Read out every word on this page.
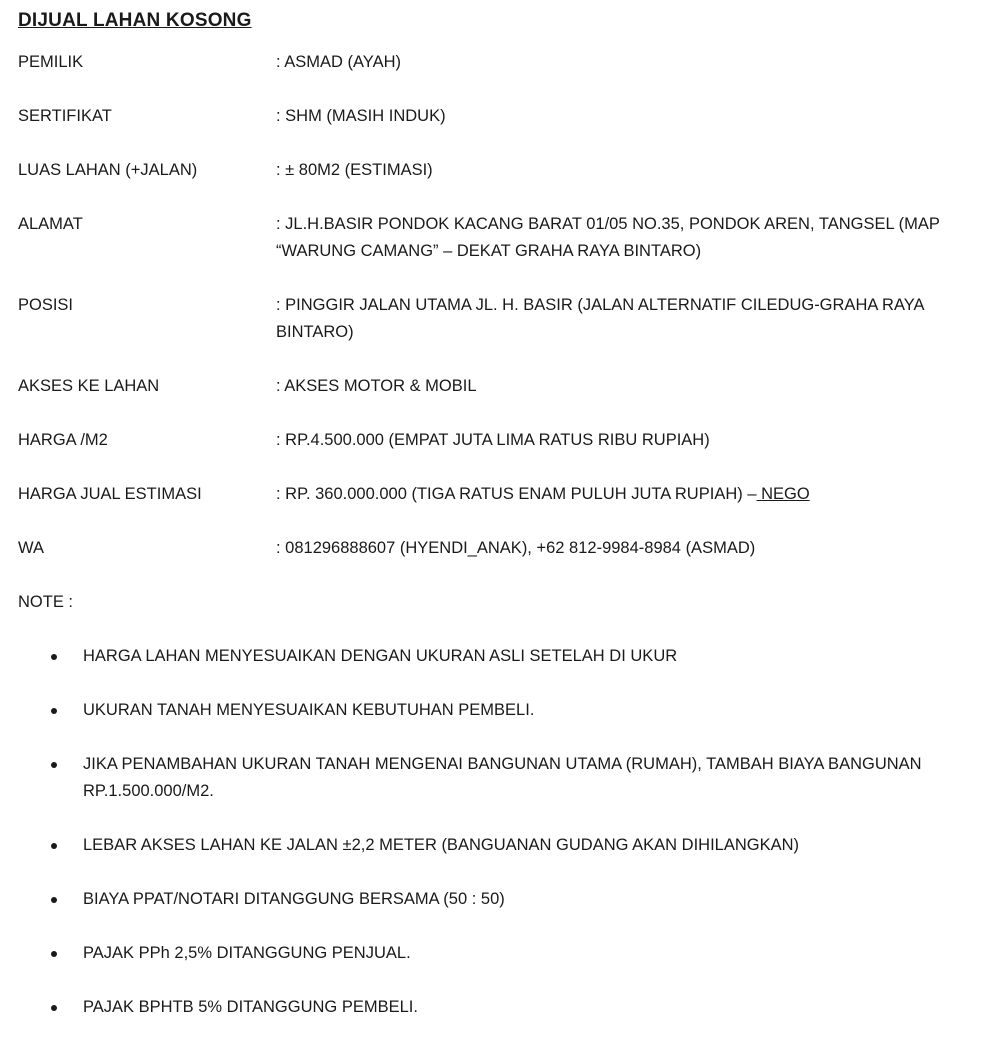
DIJUAL LAHAN KOSONG
PEMILIK	: ASMAD (AYAH)
SERTIFIKAT	: SHM (MASIH INDUK)
LUAS LAHAN (+JALAN)	: ± 80M2 (ESTIMASI)
ALAMAT	: JL.H.BASIR PONDOK KACANG BARAT 01/05 NO.35, PONDOK AREN, TANGSEL (MAP “WARUNG CAMANG” – DEKAT GRAHA RAYA BINTARO)
POSISI	: PINGGIR JALAN UTAMA JL. H. BASIR (JALAN ALTERNATIF CILEDUG-GRAHA RAYA BINTARO)
AKSES KE LAHAN	: AKSES MOTOR & MOBIL
HARGA /M2	: RP.4.500.000 (EMPAT JUTA LIMA RATUS RIBU RUPIAH)
HARGA JUAL ESTIMASI	: RP. 360.000.000 (TIGA RATUS ENAM PULUH JUTA RUPIAH) – NEGO
WA	: 081296888607 (HYENDI_ANAK), +62 812-9984-8984 (ASMAD)
NOTE :
HARGA LAHAN MENYESUAIKAN DENGAN UKURAN ASLI SETELAH DI UKUR
UKURAN TANAH MENYESUAIKAN KEBUTUHAN PEMBELI.
JIKA PENAMBAHAN UKURAN TANAH MENGENAI BANGUNAN UTAMA (RUMAH), TAMBAH BIAYA BANGUNAN RP.1.500.000/M2.
LEBAR AKSES LAHAN KE JALAN ±2,2 METER (BANGUANAN GUDANG AKAN DIHILANGKAN)
BIAYA PPAT/NOTARI DITANGGUNG BERSAMA (50 : 50)
PAJAK PPh 2,5% DITANGGUNG PENJUAL.
PAJAK BPHTB 5% DITANGGUNG PEMBELI.
